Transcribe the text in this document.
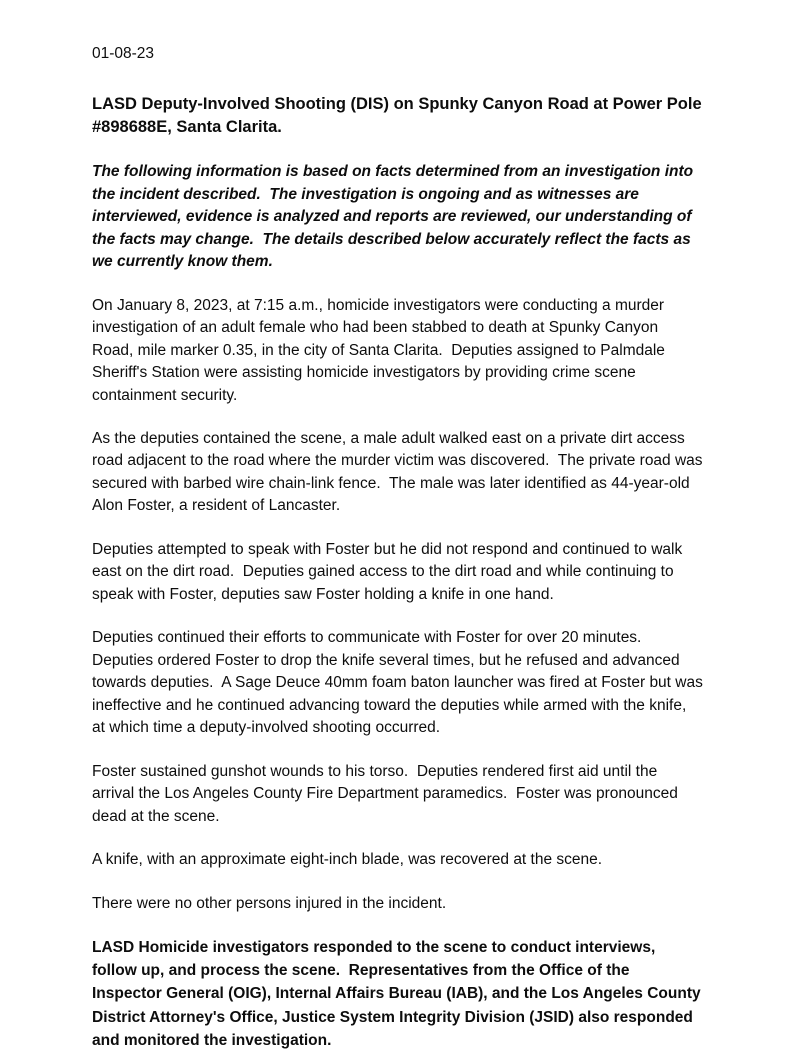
01-08-23
LASD Deputy-Involved Shooting (DIS) on Spunky Canyon Road at Power Pole #898688E, Santa Clarita.

The following information is based on facts determined from an investigation into the incident described.  The investigation is ongoing and as witnesses are interviewed, evidence is analyzed and reports are reviewed, our understanding of the facts may change.  The details described below accurately reflect the facts as we currently know them.

On January 8, 2023, at 7:15 a.m., homicide investigators were conducting a murder investigation of an adult female who had been stabbed to death at Spunky Canyon Road, mile marker 0.35, in the city of Santa Clarita.  Deputies assigned to Palmdale Sheriff's Station were assisting homicide investigators by providing crime scene containment security.

As the deputies contained the scene, a male adult walked east on a private dirt access road adjacent to the road where the murder victim was discovered.  The private road was secured with barbed wire chain-link fence.  The male was later identified as 44-year-old Alon Foster, a resident of Lancaster.

Deputies attempted to speak with Foster but he did not respond and continued to walk east on the dirt road.  Deputies gained access to the dirt road and while continuing to speak with Foster, deputies saw Foster holding a knife in one hand.

Deputies continued their efforts to communicate with Foster for over 20 minutes.  Deputies ordered Foster to drop the knife several times, but he refused and advanced towards deputies.  A Sage Deuce 40mm foam baton launcher was fired at Foster but was ineffective and he continued advancing toward the deputies while armed with the knife, at which time a deputy-involved shooting occurred.

Foster sustained gunshot wounds to his torso.  Deputies rendered first aid until the arrival the Los Angeles County Fire Department paramedics.  Foster was pronounced dead at the scene.

A knife, with an approximate eight-inch blade, was recovered at the scene.

There were no other persons injured in the incident.

LASD Homicide investigators responded to the scene to conduct interviews, follow up, and process the scene.  Representatives from the Office of the Inspector General (OIG), Internal Affairs Bureau (IAB), and the Los Angeles County District Attorney's Office, Justice System Integrity Division (JSID) also responded and monitored the investigation.
